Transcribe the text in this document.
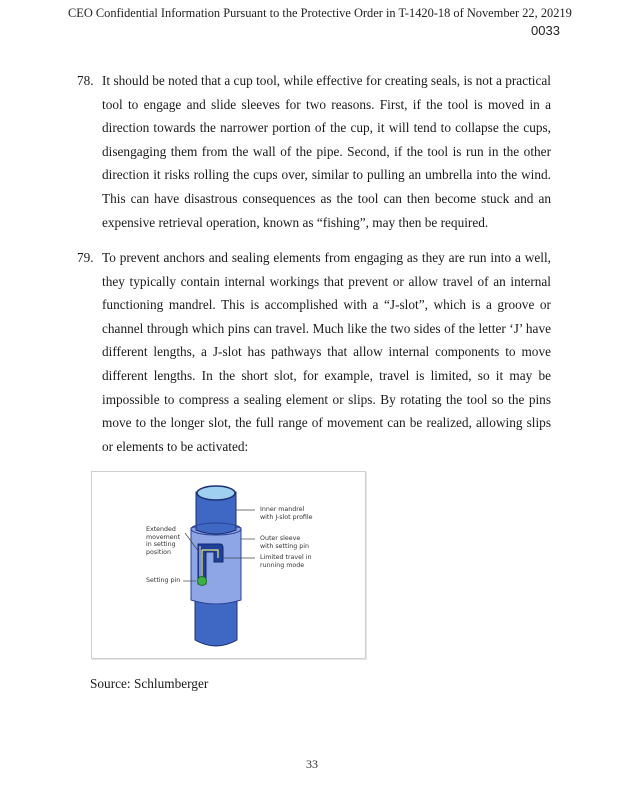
CEO Confidential Information Pursuant to the Protective Order in T-1420-18 of November 22, 20219
0033
78. It should be noted that a cup tool, while effective for creating seals, is not a practical tool to engage and slide sleeves for two reasons. First, if the tool is moved in a direction towards the narrower portion of the cup, it will tend to collapse the cups, disengaging them from the wall of the pipe. Second, if the tool is run in the other direction it risks rolling the cups over, similar to pulling an umbrella into the wind. This can have disastrous consequences as the tool can then become stuck and an expensive retrieval operation, known as “fishing”, may then be required.
79. To prevent anchors and sealing elements from engaging as they are run into a well, they typically contain internal workings that prevent or allow travel of an internal functioning mandrel. This is accomplished with a “J-slot”, which is a groove or channel through which pins can travel. Much like the two sides of the letter ‘J’ have different lengths, a J-slot has pathways that allow internal components to move different lengths. In the short slot, for example, travel is limited, so it may be impossible to compress a sealing element or slips. By rotating the tool so the pins move to the longer slot, the full range of movement can be realized, allowing slips or elements to be activated:
Inner mandrel
with J-slot profile
Outer sleeve
with setting pin
Limited travel in
running mode
Extended
movement
in setting
position
Setting pin
Source: Schlumberger
33
